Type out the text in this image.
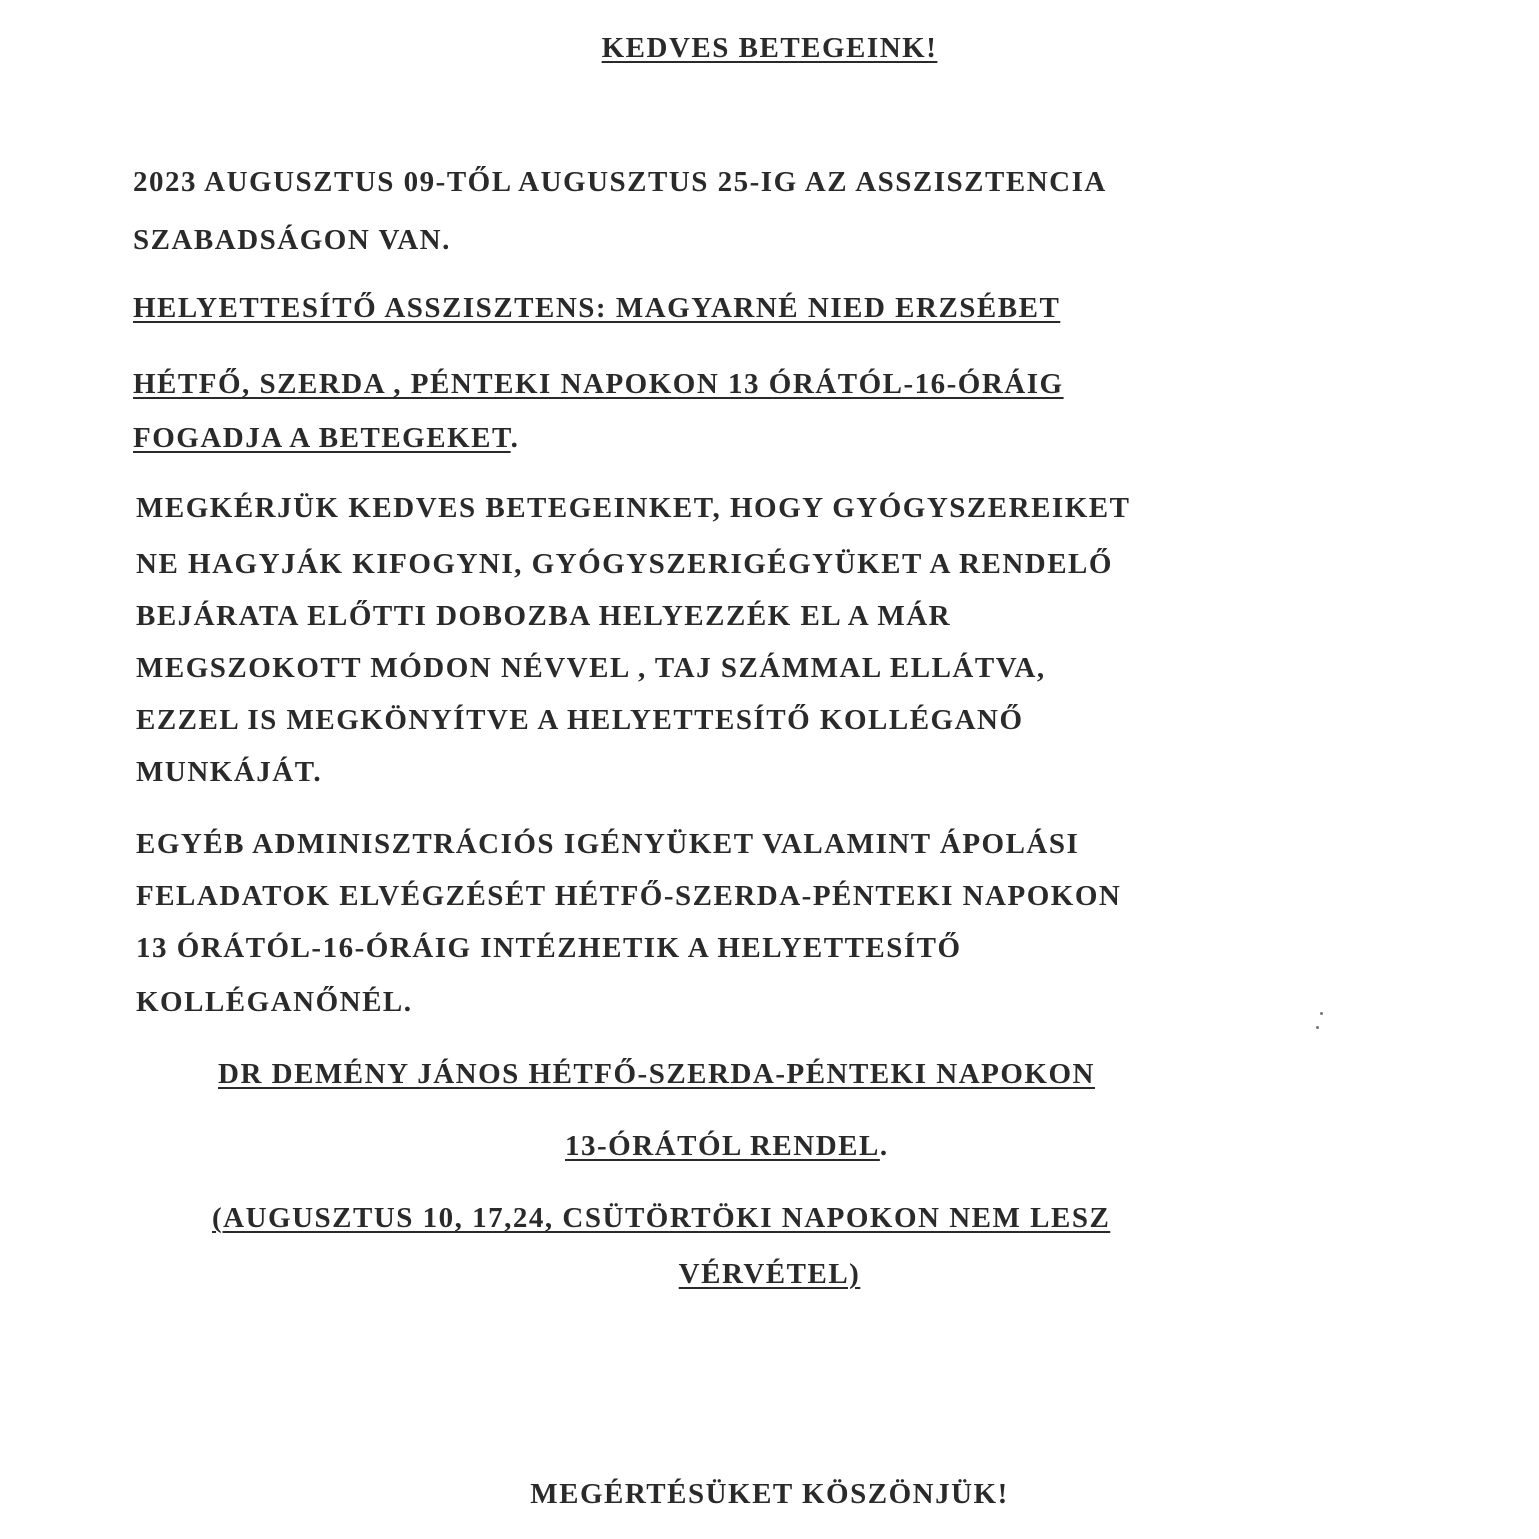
KEDVES BETEGEINK!

2023 AUGUSZTUS 09-TŐL AUGUSZTUS 25-IG AZ ASSZISZTENCIA

SZABADSÁGON VAN.

HELYETTESÍTŐ ASSZISZTENS: MAGYARNÉ NIED ERZSÉBET

HÉTFŐ, SZERDA , PÉNTEKI NAPOKON 13 ÓRÁTÓL-16-ÓRÁIG

FOGADJA A BETEGEKET.

MEGKÉRJÜK KEDVES BETEGEINKET, HOGY GYÓGYSZEREIKET

NE HAGYJÁK KIFOGYNI, GYÓGYSZERIGÉGYÜKET A RENDELŐ

BEJÁRATA ELŐTTI DOBOZBA HELYEZZÉK EL A MÁR

MEGSZOKOTT MÓDON NÉVVEL , TAJ SZÁMMAL ELLÁTVA,

EZZEL IS MEGKÖNYÍTVE A HELYETTESÍTŐ KOLLÉGANŐ

MUNKÁJÁT.

EGYÉB ADMINISZTRÁCIÓS IGÉNYÜKET VALAMINT ÁPOLÁSI

FELADATOK ELVÉGZÉSÉT HÉTFŐ-SZERDA-PÉNTEKI NAPOKON

13 ÓRÁTÓL-16-ÓRÁIG INTÉZHETIK A HELYETTESÍTŐ

KOLLÉGANŐNÉL.

DR DEMÉNY JÁNOS HÉTFŐ-SZERDA-PÉNTEKI NAPOKON

13-ÓRÁTÓL RENDEL.

(AUGUSZTUS 10, 17,24, CSÜTÖRTÖKI NAPOKON NEM LESZ

VÉRVÉTEL)

MEGÉRTÉSÜKET KÖSZÖNJÜK!
